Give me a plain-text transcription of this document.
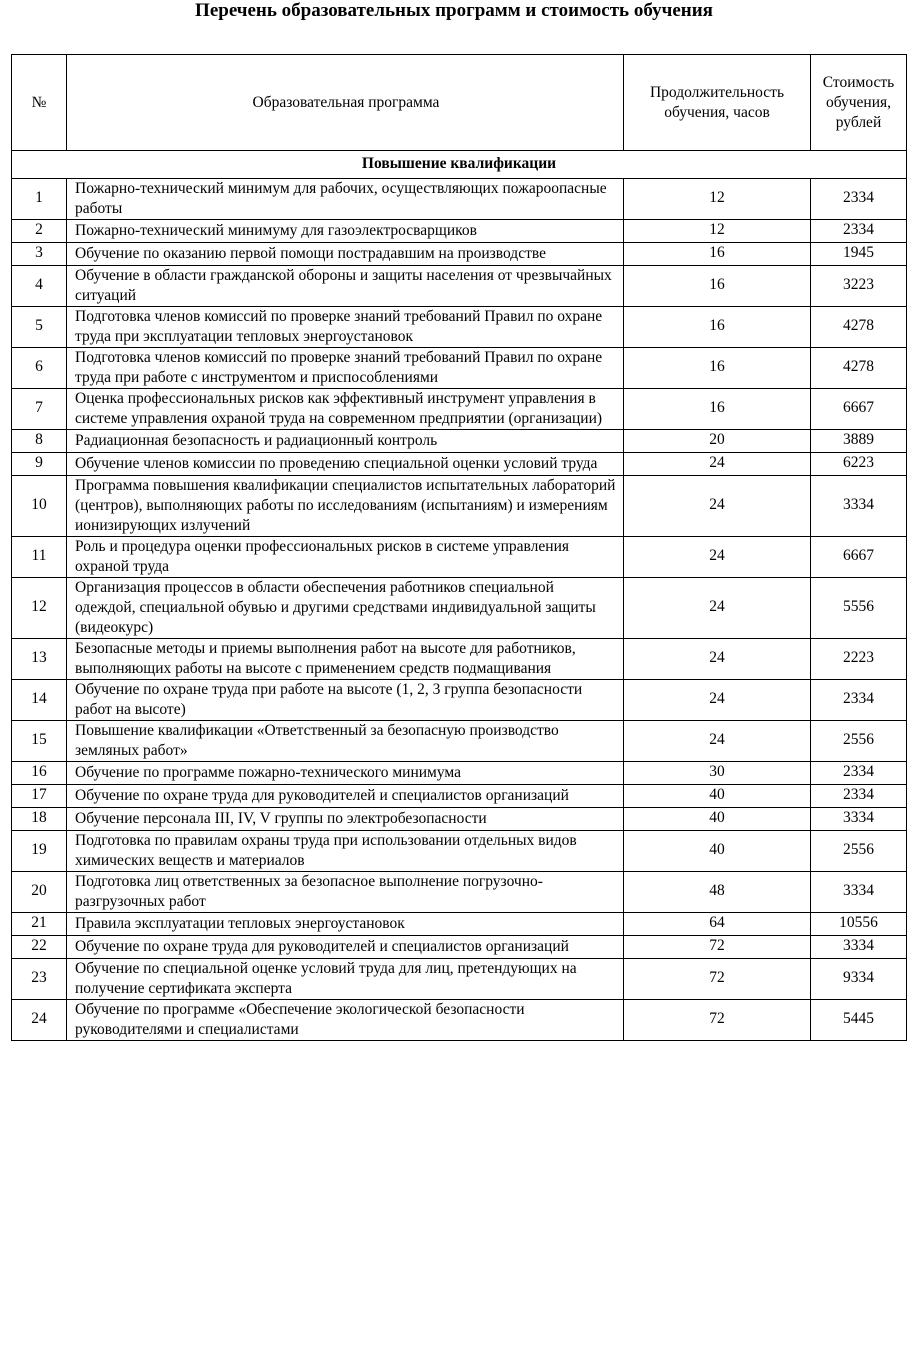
Перечень образовательных программ и стоимость обучения
№	Образовательная программа	Продолжительность обучения, часов	Стоимость обучения, рублей
Повышение квалификации			
1	Пожарно-технический минимум для рабочих, осуществляющих пожароопасные работы	12	2334
2	Пожарно-технический минимуму для газоэлектросварщиков	12	2334
3	Обучение по оказанию первой помощи пострадавшим на производстве	16	1945
4	Обучение в области гражданской обороны и защиты населения от чрезвычайных ситуаций	16	3223
5	Подготовка членов комиссий по проверке знаний требований Правил по охране труда при эксплуатации тепловых энергоустановок	16	4278
6	Подготовка членов комиссий по проверке знаний требований Правил по охране труда при работе с инструментом и приспособлениями	16	4278
7	Оценка профессиональных рисков как эффективный инструмент управления в системе управления охраной труда на современном предприятии (организации)	16	6667
8	Радиационная безопасность и радиационный контроль	20	3889
9	Обучение членов комиссии по проведению специальной оценки условий труда	24	6223
10	Программа повышения квалификации специалистов испытательных лабораторий (центров), выполняющих работы по исследованиям (испытаниям) и измерениям ионизирующих излучений	24	3334
11	Роль и процедура оценки профессиональных рисков в системе управления охраной труда	24	6667
12	Организация процессов в области обеспечения работников специальной одеждой, специальной обувью и другими средствами индивидуальной защиты (видеокурс)	24	5556
13	Безопасные методы и приемы выполнения работ на высоте для работников, выполняющих работы на высоте с применением средств подмащивания	24	2223
14	Обучение по охране труда при работе на высоте (1, 2, 3 группа безопасности работ на высоте)	24	2334
15	Повышение квалификации «Ответственный за безопасную производство земляных работ»	24	2556
16	Обучение по программе пожарно-технического минимума	30	2334
17	Обучение по охране труда для руководителей и специалистов организаций	40	2334
18	Обучение персонала III, IV, V группы по электробезопасности	40	3334
19	Подготовка по правилам охраны труда при использовании отдельных видов химических веществ и материалов	40	2556
20	Подготовка лиц ответственных за безопасное выполнение погрузочно-разгрузочных работ	48	3334
21	Правила эксплуатации тепловых энергоустановок	64	10556
22	Обучение по охране труда для руководителей и специалистов организаций	72	3334
23	Обучение по специальной оценке условий труда для лиц, претендующих на получение сертификата эксперта	72	9334
24	Обучение по программе «Обеспечение экологической безопасности руководителями и специалистами	72	5445
